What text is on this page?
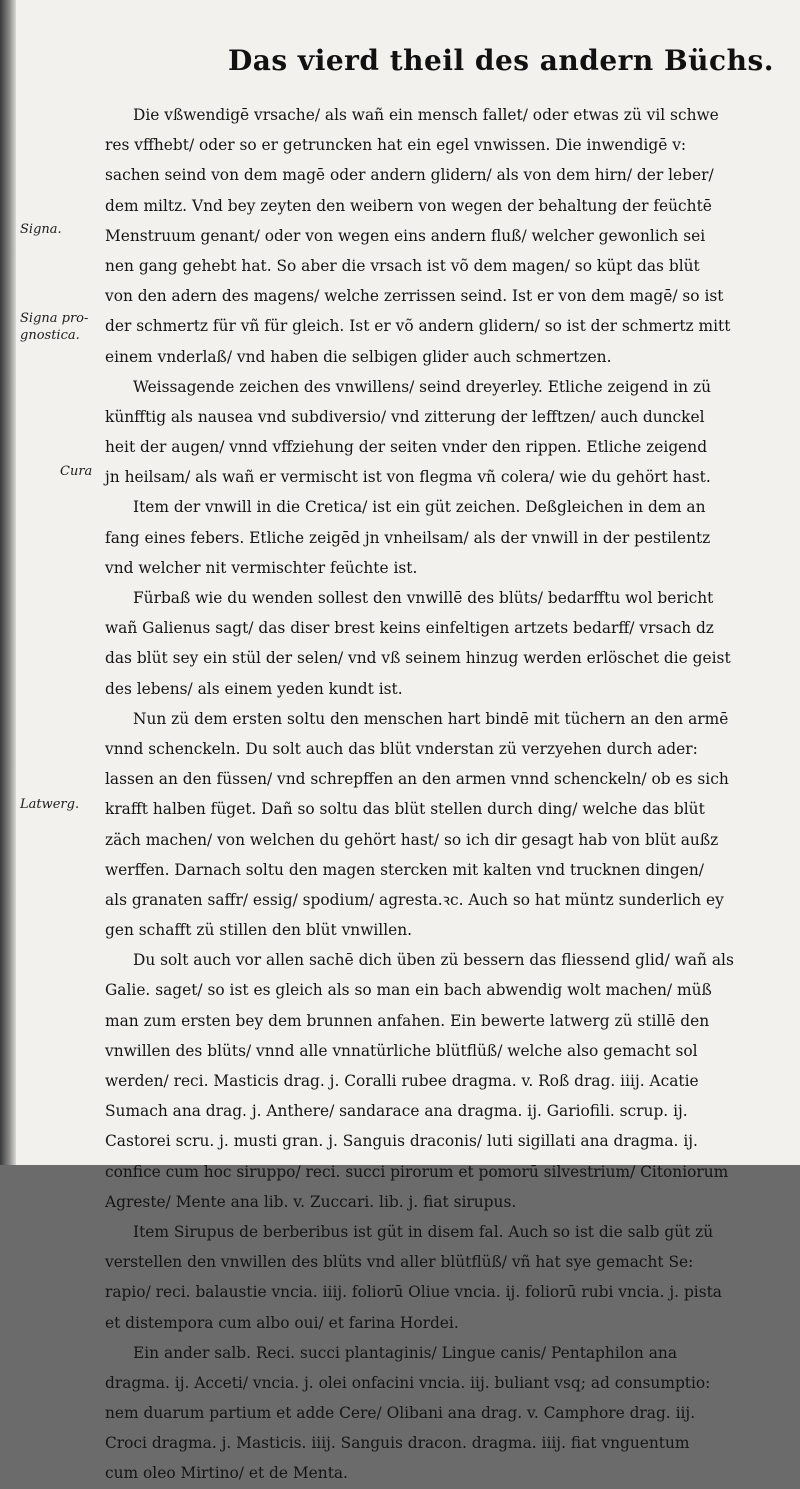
Das vierd theil des andern Büchs.
Signa.
Signa pro-
gnostica.
Cura
Latwerg.
Die vßwendigē vrsache/ als wañ ein mensch fallet/ oder etwas zü vil schwe
res vffhebt/ oder so er getruncken hat ein egel vnwissen. Die inwendigē v:
sachen seind von dem magē oder andern glidern/ als von dem hirn/ der leber/
dem miltz. Vnd bey zeyten den weibern von wegen der behaltung der feüchtē
Menstruum genant/ oder von wegen eins andern fluß/ welcher gewonlich sei
nen gang gehebt hat. So aber die vrsach ist võ dem magen/ so küpt das blüt
von den adern des magens/ welche zerrissen seind. Ist er von dem magē/ so ist
der schmertz für vñ für gleich. Ist er võ andern glidern/ so ist der schmertz mitt
einem vnderlaß/ vnd haben die selbigen glider auch schmertzen.
Weissagende zeichen des vnwillens/ seind dreyerley. Etliche zeigend in zü
künfftig als nausea vnd subdiversio/ vnd zitterung der lefftzen/ auch dunckel
heit der augen/ vnnd vffziehung der seiten vnder den rippen. Etliche zeigend
jn heilsam/ als wañ er vermischt ist von flegma vñ colera/ wie du gehört hast.
Item der vnwill in die Cretica/ ist ein güt zeichen. Deßgleichen in dem an
fang eines febers. Etliche zeigēd jn vnheilsam/ als der vnwill in der pestilentz
vnd welcher nit vermischter feüchte ist.
Fürbaß wie du wenden sollest den vnwillē des blüts/ bedarfftu wol bericht
wañ Galienus sagt/ das diser brest keins einfeltigen artzets bedarff/ vrsach dz
das blüt sey ein stül der selen/ vnd vß seinem hinzug werden erlöschet die geist
des lebens/ als einem yeden kundt ist.
Nun zü dem ersten soltu den menschen hart bindē mit tüchern an den armē
vnnd schenckeln. Du solt auch das blüt vnderstan zü verzyehen durch ader:
lassen an den füssen/ vnd schrepffen an den armen vnnd schenckeln/ ob es sich
krafft halben füget. Dañ so soltu das blüt stellen durch ding/ welche das blüt
zäch machen/ von welchen du gehört hast/ so ich dir gesagt hab von blüt außz
werffen. Darnach soltu den magen stercken mit kalten vnd trucknen dingen/
als granaten saffr/ essig/ spodium/ agresta.ꝛc. Auch so hat müntz sunderlich ey
gen schafft zü stillen den blüt vnwillen.
Du solt auch vor allen sachē dich üben zü bessern das fliessend glid/ wañ als
Galie. saget/ so ist es gleich als so man ein bach abwendig wolt machen/ müß
man zum ersten bey dem brunnen anfahen. Ein bewerte latwerg zü stillē den
vnwillen des blüts/ vnnd alle vnnatürliche blütflüß/ welche also gemacht sol
werden/ reci. Masticis drag. j. Coralli rubee dragma. v. Roß drag. iiij. Acatie
Sumach ana drag. j. Anthere/ sandarace ana dragma. ij. Gariofili. scrup. ij.
Castorei scru. j. musti gran. j. Sanguis draconis/ luti sigillati ana dragma. ij.
confice cum hoc siruppo/ reci. succi pirorum et pomorū silvestrium/ Citoniorum
Agreste/ Mente ana lib. v. Zuccari. lib. j. fiat sirupus.
Item Sirupus de berberibus ist güt in disem fal. Auch so ist die salb güt zü
verstellen den vnwillen des blüts vnd aller blütflüß/ vñ hat sye gemacht Se:
rapio/ reci. balaustie vncia. iiij. foliorū Oliue vncia. ij. foliorū rubi vncia. j. pista
et distempora cum albo oui/ et farina Hordei.
Ein ander salb. Reci. succi plantaginis/ Lingue canis/ Pentaphilon ana
dragma. ij. Acceti/ vncia. j. olei onfacini vncia. iij. buliant vsq; ad consumptio:
nem duarum partium et adde Cere/ Olibani ana drag. v. Camphore drag. iij.
Croci dragma. j. Masticis. iiij. Sanguis dracon. dragma. iiij. fiat vnguentum
cum oleo Mirtino/ et de Menta.
